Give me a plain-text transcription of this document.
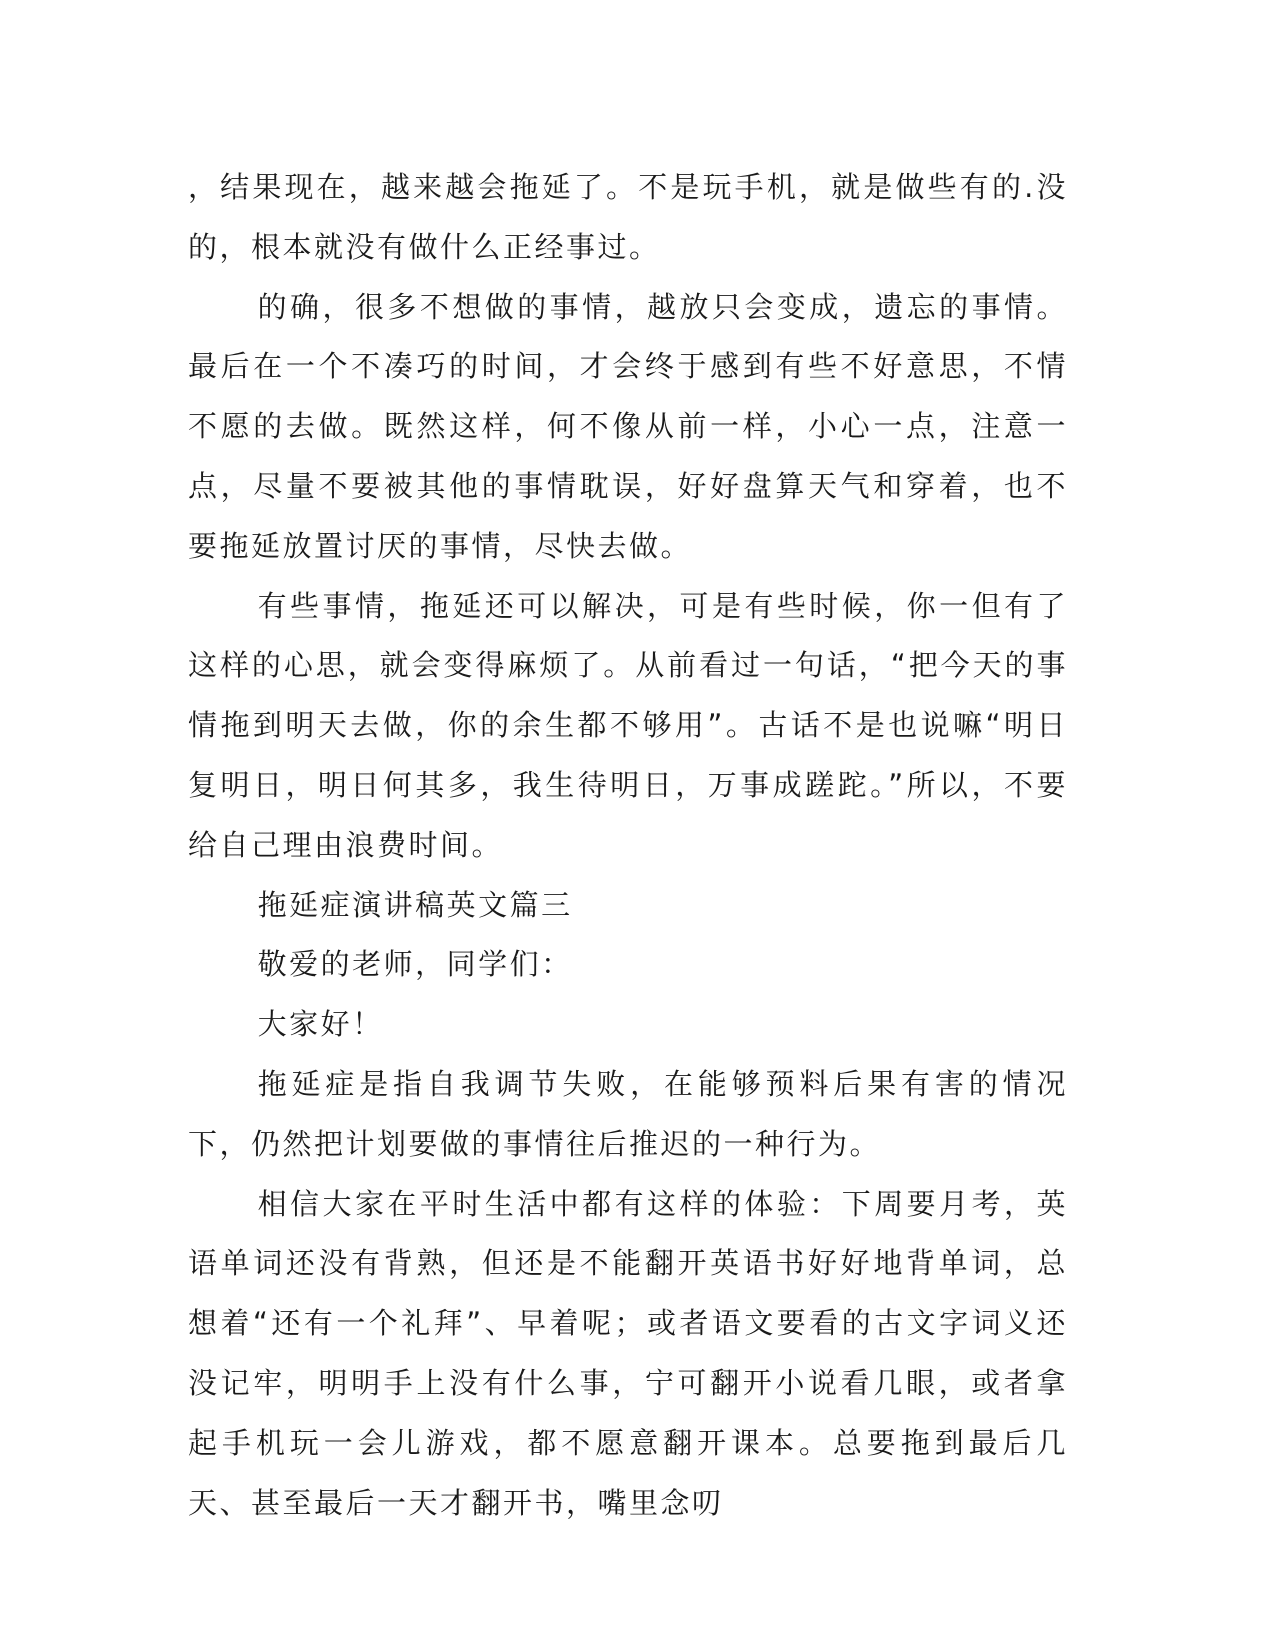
，结果现在，越来越会拖延了。不是玩手机，就是做些有的.没的，根本就没有做什么正经事过。

的确，很多不想做的事情，越放只会变成，遗忘的事情。最后在一个不凑巧的时间，才会终于感到有些不好意思，不情不愿的去做。既然这样，何不像从前一样，小心一点，注意一点，尽量不要被其他的事情耽误，好好盘算天气和穿着，也不要拖延放置讨厌的事情，尽快去做。

有些事情，拖延还可以解决，可是有些时候，你一但有了这样的心思，就会变得麻烦了。从前看过一句话，“把今天的事情拖到明天去做，你的余生都不够用”。古话不是也说嘛“明日复明日，明日何其多，我生待明日，万事成蹉跎。”所以，不要给自己理由浪费时间。

拖延症演讲稿英文篇三

敬爱的老师，同学们：

大家好！

拖延症是指自我调节失败，在能够预料后果有害的情况下，仍然把计划要做的事情往后推迟的一种行为。

相信大家在平时生活中都有这样的体验：下周要月考，英语单词还没有背熟，但还是不能翻开英语书好好地背单词，总想着“还有一个礼拜”、早着呢；或者语文要看的古文字词义还没记牢，明明手上没有什么事，宁可翻开小说看几眼，或者拿起手机玩一会儿游戏，都不愿意翻开课本。总要拖到最后几天、甚至最后一天才翻开书，嘴里念叨
